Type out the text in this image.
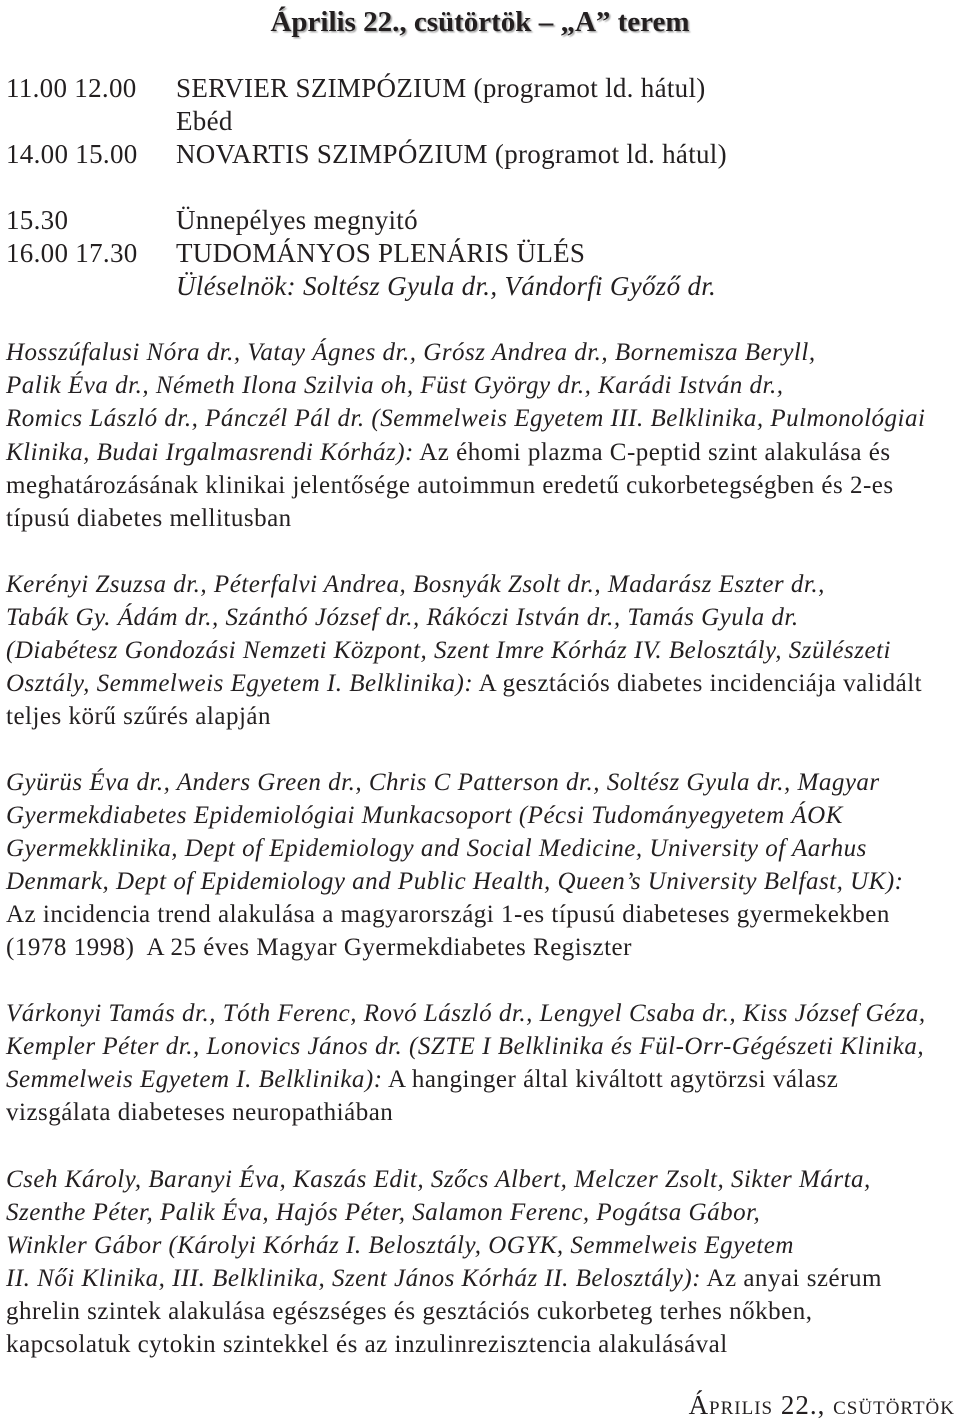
Április 22., csütörtök – „A” terem
11.00 12.00 SERVIER SZIMPÓZIUM (programot ld. hátul)
Ebéd
14.00 15.00 NOVARTIS SZIMPÓZIUM (programot ld. hátul)
15.30	Ünnepélyes megnyitó
16.00 17.30 TUDOMÁNYOS PLENÁRIS ÜLÉS
Üléselnök: Soltész Gyula dr., Vándorfi Győző dr.
Hosszúfalusi Nóra dr., Vatay Ágnes dr., Grósz Andrea dr., Bornemisza Beryll,
Palik Éva dr., Németh Ilona Szilvia oh, Füst György dr., Karádi István dr.,
Romics László dr., Pánczél Pál dr. (Semmelweis Egyetem III. Belklinika, Pulmonológiai
Klinika, Budai Irgalmasrendi Kórház): Az éhomi plazma C-peptid szint alakulása és
meghatározásának klinikai jelentősége autoimmun eredetű cukorbetegségben és 2-es
típusú diabetes mellitusban
Kerényi Zsuzsa dr., Péterfalvi Andrea, Bosnyák Zsolt dr., Madarász Eszter dr.,
Tabák Gy. Ádám dr., Szánthó József dr., Rákóczi István dr., Tamás Gyula dr.
(Diabétesz Gondozási Nemzeti Központ, Szent Imre Kórház IV. Belosztály, Szülészeti
Osztály, Semmelweis Egyetem I. Belklinika): A gesztációs diabetes incidenciája validált
teljes körű szűrés alapján
Gyürüs Éva dr., Anders Green dr., Chris C Patterson dr., Soltész Gyula dr., Magyar
Gyermekdiabetes Epidemiológiai Munkacsoport (Pécsi Tudományegyetem ÁOK
Gyermekklinika, Dept of Epidemiology and Social Medicine, University of Aarhus
Denmark, Dept of Epidemiology and Public Health, Queen’s University Belfast, UK):
Az incidencia trend alakulása a magyarországi 1-es típusú diabeteses gyermekekben
(1978 1998)  A 25 éves Magyar Gyermekdiabetes Regiszter
Várkonyi Tamás dr., Tóth Ferenc, Rovó László dr., Lengyel Csaba dr., Kiss József Géza,
Kempler Péter dr., Lonovics János dr. (SZTE I Belklinika és Fül-Orr-Gégészeti Klinika,
Semmelweis Egyetem I. Belklinika): A hanginger által kiváltott agytörzsi válasz
vizsgálata diabeteses neuropathiában
Cseh Károly, Baranyi Éva, Kaszás Edit, Szőcs Albert, Melczer Zsolt, Sikter Márta,
Szenthe Péter, Palik Éva, Hajós Péter, Salamon Ferenc, Pogátsa Gábor,
Winkler Gábor (Károlyi Kórház I. Belosztály, OGYK, Semmelweis Egyetem
II. Női Klinika, III. Belklinika, Szent János Kórház II. Belosztály): Az anyai szérum
ghrelin szintek alakulása egészséges és gesztációs cukorbeteg terhes nőkben,
kapcsolatuk cytokin szintekkel és az inzulinrezisztencia alakulásával
Április 22., csütörtök
